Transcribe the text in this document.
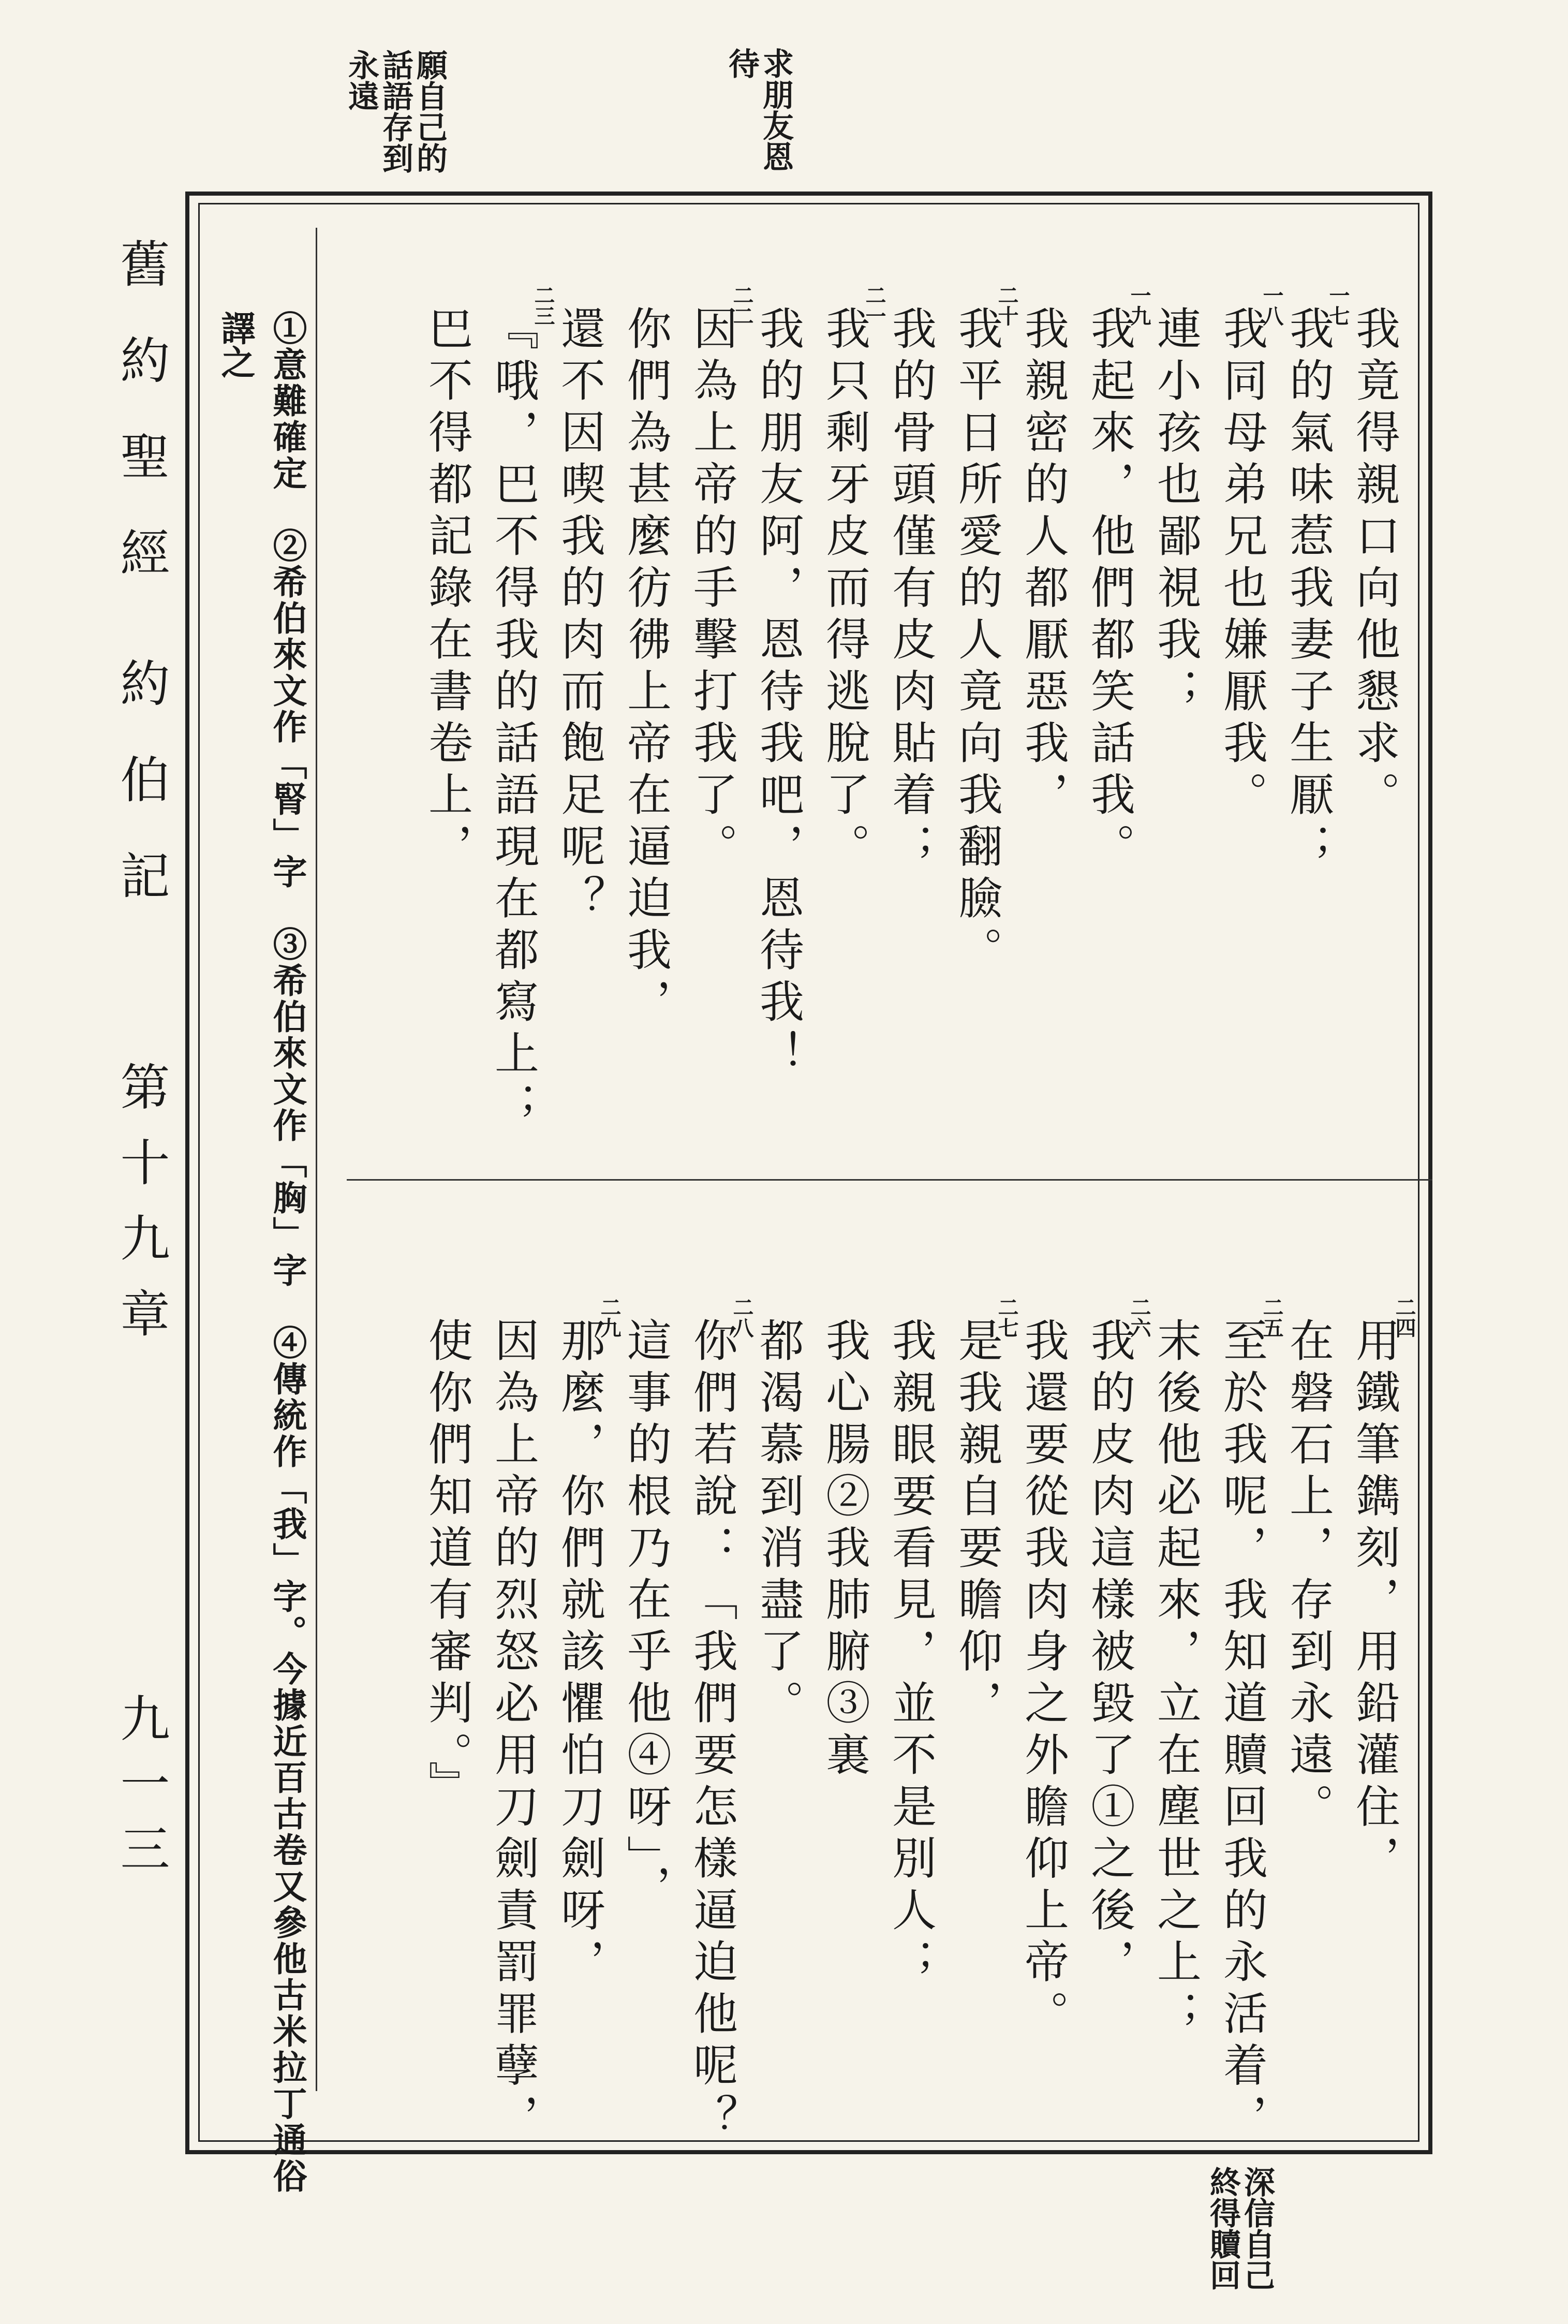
求朋友恩
待
願自己的
話語存到
永遠
深信自己
終得贖回
舊約聖經
約伯記
第十九章
九一三
我竟得親口向他懇求。
我的氣味惹我妻子生厭；
一七
我同母弟兄也嫌厭我。
一八
連小孩也鄙視我；
我起來，他們都笑話我。
一九
我親密的人都厭惡我，
我平日所愛的人竟向我翻臉。
二十
我的骨頭僅有皮肉貼着；
我只剩牙皮而得逃脫了。
二一
我的朋友阿，恩待我吧，恩待我！
因為上帝的手擊打我了。
二二
你們為甚麼彷彿上帝在逼迫我，
還不因喫我的肉而飽足呢？
『哦，巴不得我的話語現在都寫上；
二三
巴不得都記錄在書卷上，
用鐵筆鐫刻，用鉛灌住，
二四
在磐石上，存到永遠。
至於我呢，我知道贖回我的永活着，
二五
末後他必起來，立在塵世之上；
我的皮肉這樣被毀了①之後，
二六
我還要從我肉身之外瞻仰上帝。
是我親自要瞻仰，
二七
我親眼要看見，並不是別人；
我心腸②我肺腑③裏
都渴慕到消盡了。
你們若說：「我們要怎樣逼迫他呢？
二八
這事的根乃在乎他④呀」，
那麼，你們就該懼怕刀劍呀，
二九
因為上帝的烈怒必用刀劍責罰罪孽，
使你們知道有審判。』
譯之 ①意難確定　②希伯來文作「腎」字　③希伯來文作「胸」字　④傳統作「我」字。今據近百古卷又參他古米拉丁通俗
